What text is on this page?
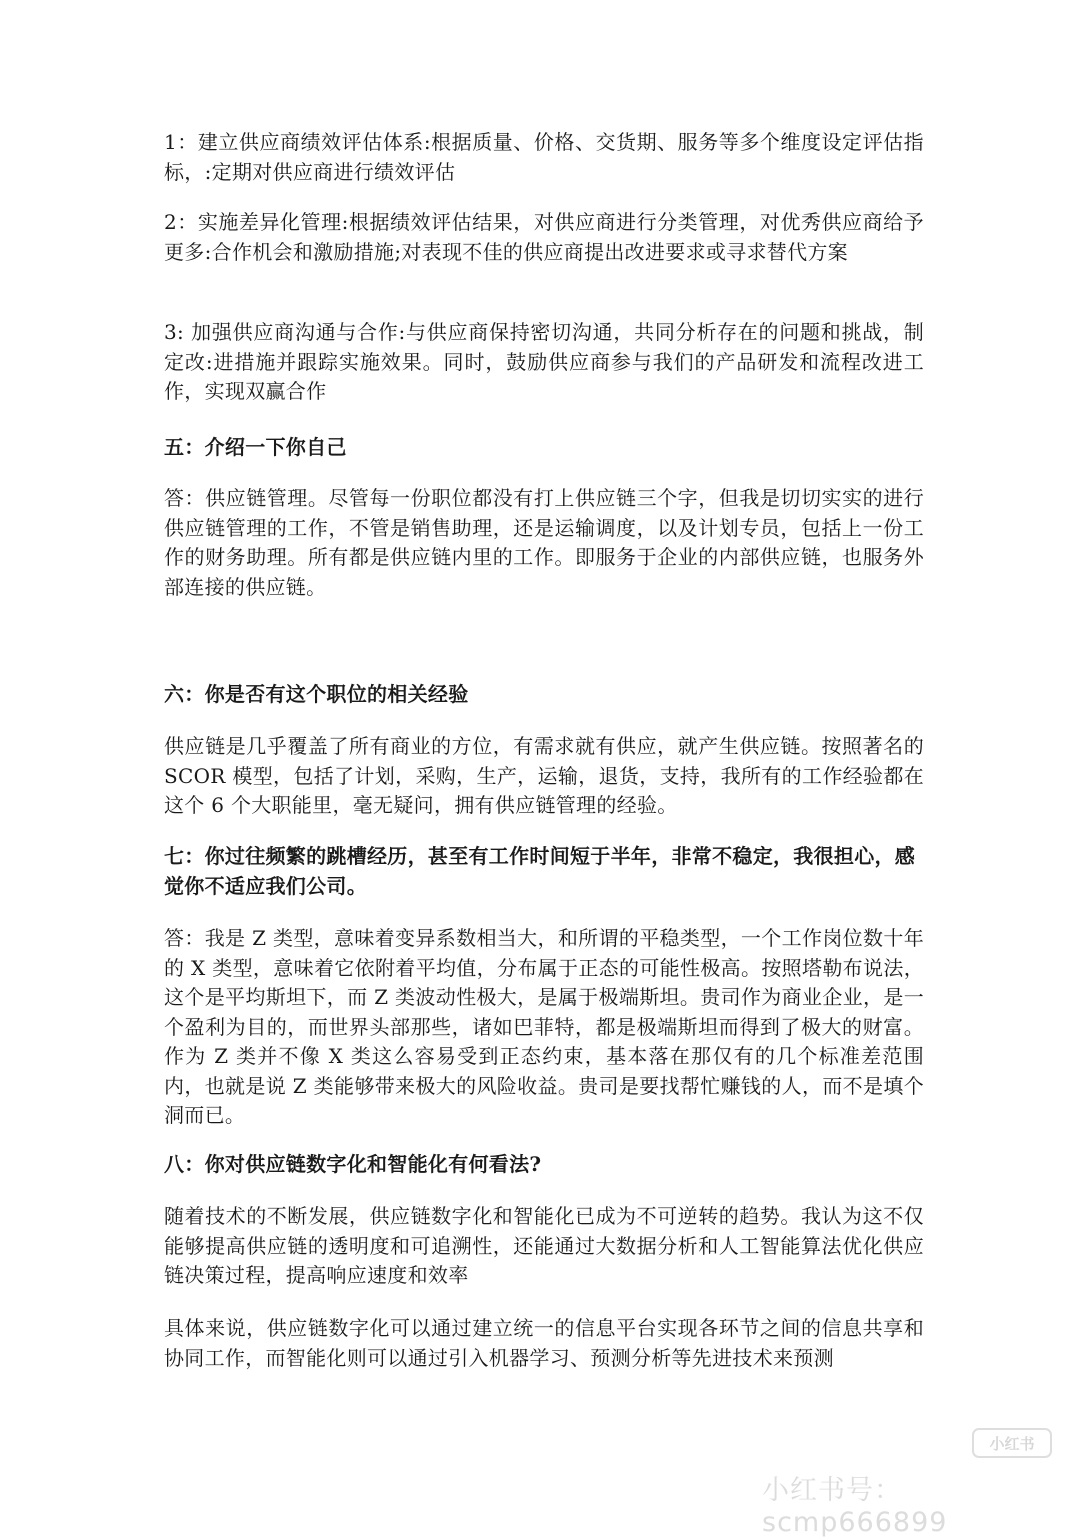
1：建立供应商绩效评估体系:根据质量、价格、交货期、服务等多个维度设定评估指标，:定期对供应商进行绩效评估

2：实施差异化管理:根据绩效评估结果，对供应商进行分类管理，对优秀供应商给予更多:合作机会和激励措施;对表现不佳的供应商提出改进要求或寻求替代方案

3: 加强供应商沟通与合作:与供应商保持密切沟通，共同分析存在的问题和挑战，制定改:进措施并跟踪实施效果。同时，鼓励供应商参与我们的产品研发和流程改进工作，实现双赢合作

五：介绍一下你自己

答：供应链管理。尽管每一份职位都没有打上供应链三个字，但我是切切实实的进行供应链管理的工作，不管是销售助理，还是运输调度，以及计划专员，包括上一份工作的财务助理。所有都是供应链内里的工作。即服务于企业的内部供应链，也服务外部连接的供应链。

六：你是否有这个职位的相关经验

供应链是几乎覆盖了所有商业的方位，有需求就有供应，就产生供应链。按照著名的 SCOR 模型，包括了计划，采购，生产，运输，退货，支持，我所有的工作经验都在这个 6 个大职能里，毫无疑问，拥有供应链管理的经验。

七：你过往频繁的跳槽经历，甚至有工作时间短于半年，非常不稳定，我很担心，感觉你不适应我们公司。

答：我是 Z 类型，意味着变异系数相当大，和所谓的平稳类型，一个工作岗位数十年的 X 类型，意味着它依附着平均值，分布属于正态的可能性极高。按照塔勒布说法，这个是平均斯坦下，而 Z 类波动性极大，是属于极端斯坦。贵司作为商业企业，是一个盈利为目的，而世界头部那些，诸如巴菲特，都是极端斯坦而得到了极大的财富。作为 Z 类并不像 X 类这么容易受到正态约束，基本落在那仅有的几个标准差范围内，也就是说 Z 类能够带来极大的风险收益。贵司是要找帮忙赚钱的人，而不是填个洞而已。

八：你对供应链数字化和智能化有何看法?

随着技术的不断发展，供应链数字化和智能化已成为不可逆转的趋势。我认为这不仅能够提高供应链的透明度和可追溯性，还能通过大数据分析和人工智能算法优化供应链决策过程，提高响应速度和效率

具体来说，供应链数字化可以通过建立统一的信息平台实现各环节之间的信息共享和协同工作，而智能化则可以通过引入机器学习、预测分析等先进技术来预测

小红书
小红书号：scmp666899
